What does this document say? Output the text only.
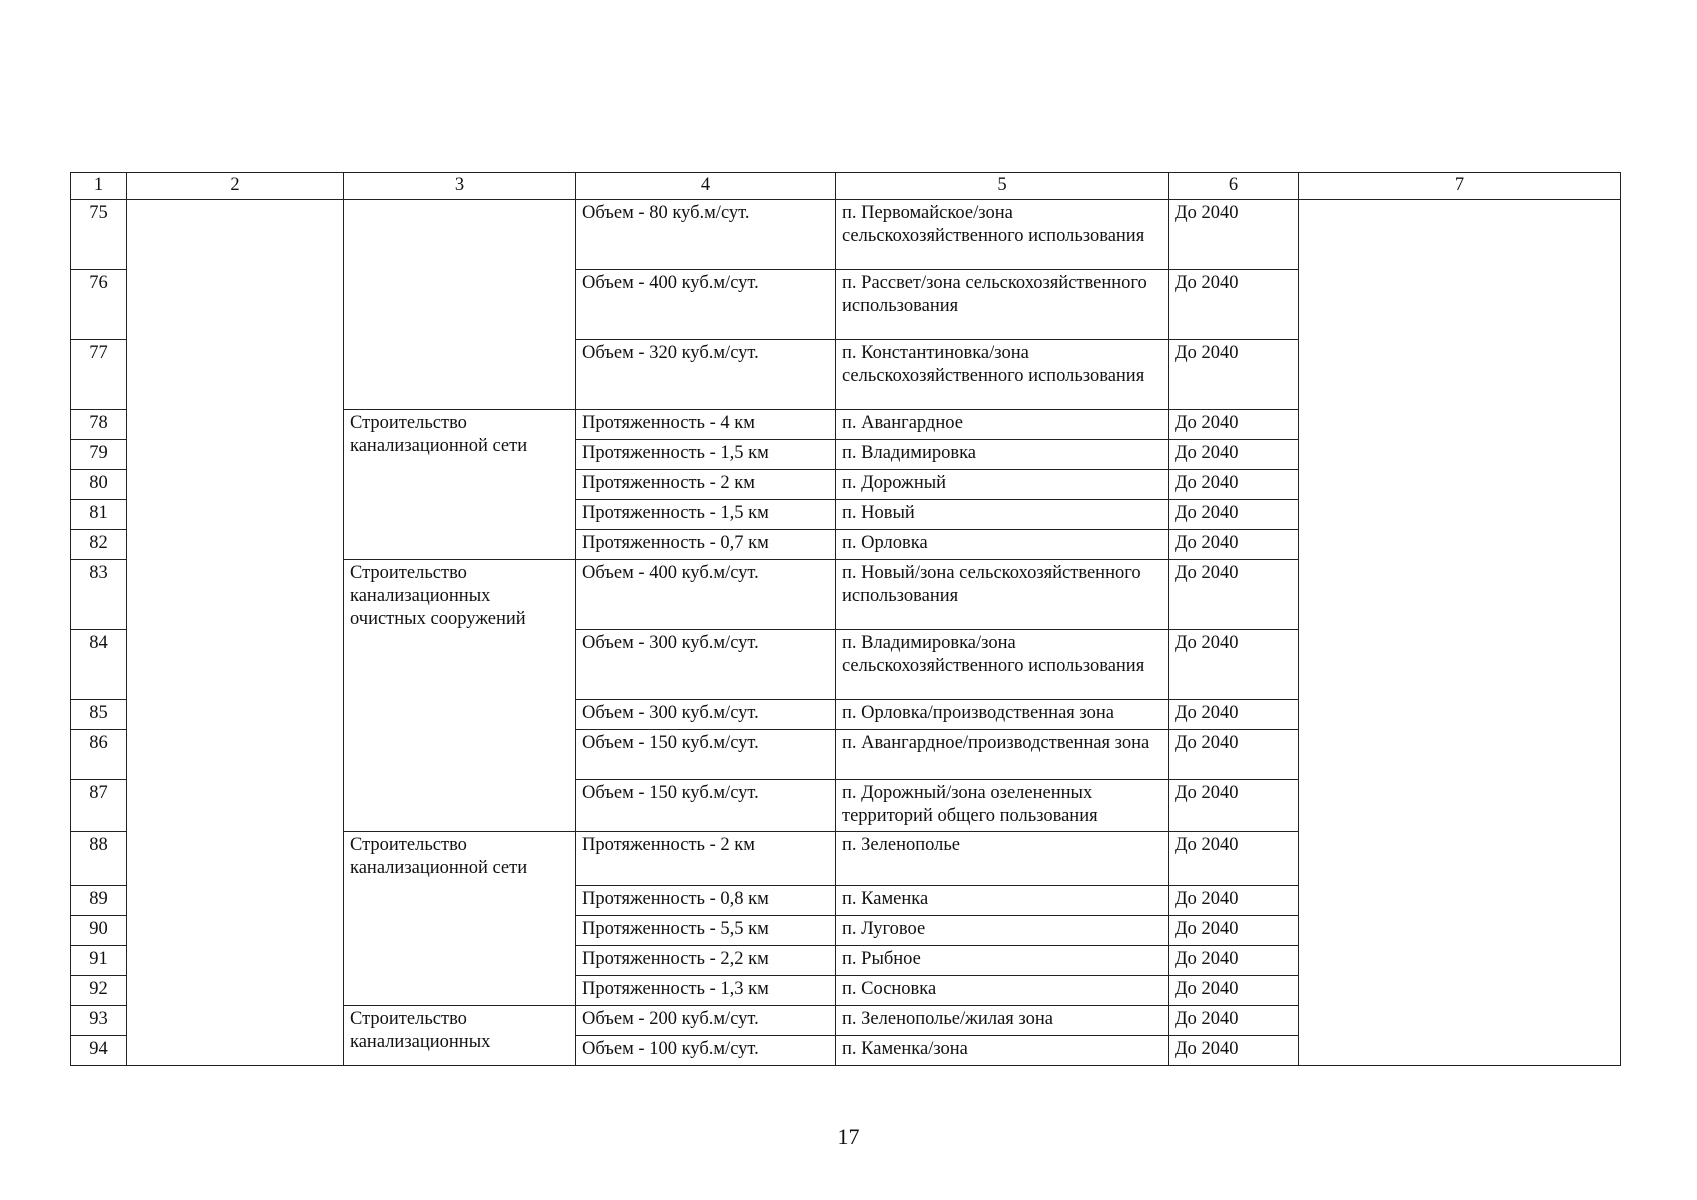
1	2	3	4	5	6	7
75			Объем - 80 куб.м/сут.	п. Первомайское/зона сельскохозяйственного использования	До 2040	
76			Объем - 400 куб.м/сут.	п. Рассвет/зона сельскохозяйственного использования	До 2040	
77			Объем - 320 куб.м/сут.	п. Константиновка/зона сельскохозяйственного использования	До 2040	
78		Строительство канализационной сети	Протяженность - 4 км	п. Авангардное	До 2040	
79			Протяженность - 1,5 км	п. Владимировка	До 2040	
80			Протяженность - 2 км	п. Дорожный	До 2040	
81			Протяженность - 1,5 км	п. Новый	До 2040	
82			Протяженность - 0,7 км	п. Орловка	До 2040	
83		Строительство канализационных очистных сооружений	Объем - 400 куб.м/сут.	п. Новый/зона сельскохозяйственного использования	До 2040	
84			Объем - 300 куб.м/сут.	п. Владимировка/зона сельскохозяйственного использования	До 2040	
85			Объем - 300 куб.м/сут.	п. Орловка/производственная зона	До 2040	
86			Объем - 150 куб.м/сут.	п. Авангардное/производственная зона	До 2040	
87			Объем - 150 куб.м/сут.	п. Дорожный/зона озелененных территорий общего пользования	До 2040	
88		Строительство канализационной сети	Протяженность - 2 км	п. Зеленополье	До 2040	
89			Протяженность - 0,8 км	п. Каменка	До 2040	
90			Протяженность - 5,5 км	п. Луговое	До 2040	
91			Протяженность - 2,2 км	п. Рыбное	До 2040	
92			Протяженность - 1,3 км	п. Сосновка	До 2040	
93		Строительство канализационных	Объем - 200 куб.м/сут.	п. Зеленополье/жилая зона	До 2040	
94			Объем - 100 куб.м/сут.	п. Каменка/зона	До 2040	
17
